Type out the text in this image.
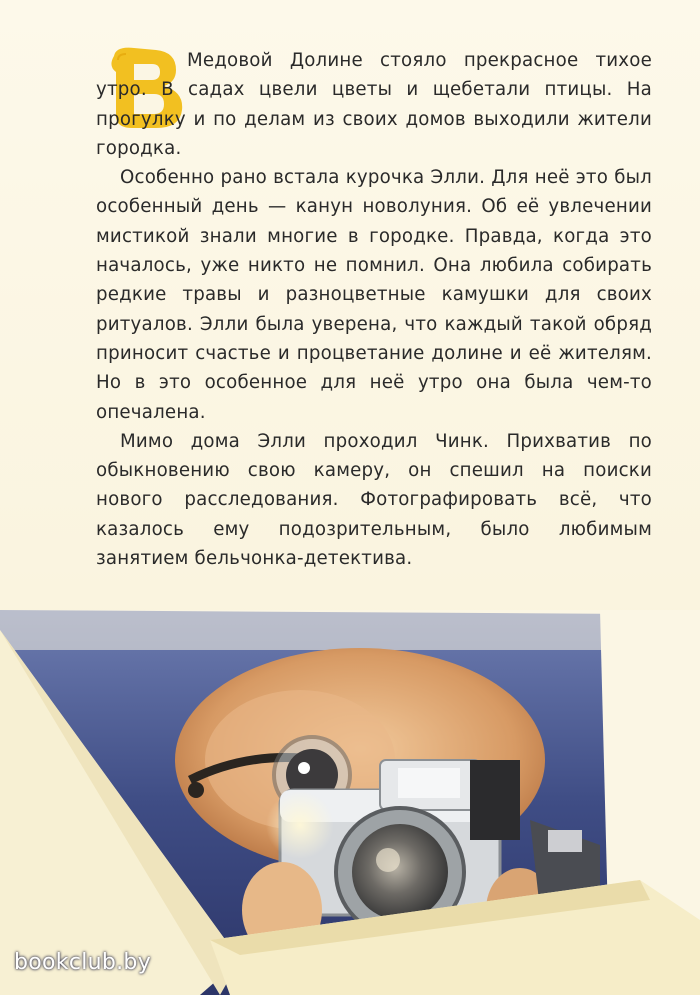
Медовой Долине стояло прекрасное тихое утро. В садах цвели цветы и щебетали птицы. На прогулку и по делам из своих домов выходили жители городка.

Особенно рано встала курочка Элли. Для неё это был особенный день — канун новолуния. Об её увлечении мистикой знали многие в городке. Правда, когда это началось, уже никто не помнил. Она любила собирать редкие травы и разноцветные камушки для своих ритуалов. Элли была уверена, что каждый такой обряд приносит счастье и процветание долине и её жителям. Но в это особенное для неё утро она была чем-то опечалена.

Мимо дома Элли проходил Чинк. Прихватив по обыкновению свою камеру, он спешил на поиски нового расследования. Фотографировать всё, что казалось ему подозрительным, было любимым занятием бельчонка-детектива.

bookclub.by
